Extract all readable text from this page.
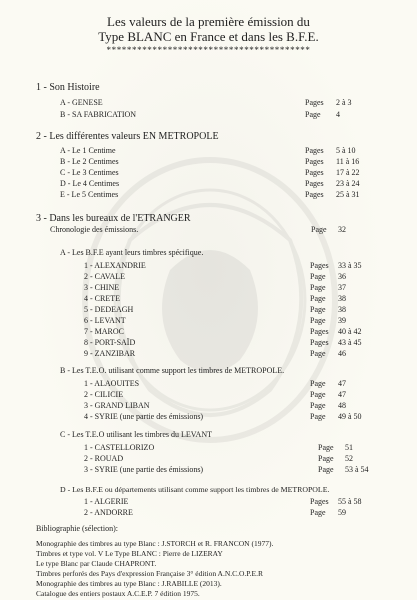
Les valeurs de la première émission du
Type BLANC en France et dans les B.F.E.
****************************************
1 - Son Histoire
A - GENESE	Pages 2 à 3
B - SA FABRICATION	Page 4
2 - Les différentes valeurs EN METROPOLE
A - Le 1 Centime	Pages 5 à 10
B - Le 2 Centimes	Pages 11 à 16
C - Le 3 Centimes	Pages 17 à 22
D - Le 4 Centimes	Pages 23 à 24
E - Le 5 Centimes	Pages 25 à 31
3 - Dans les bureaux de l'ETRANGER
Chronologie des émissions.	Page 32
A - Les B.F.E ayant leurs timbres spécifique.
1 - ALEXANDRIE	Pages 33 à 35
2 - CAVALE	Page 36
3 - CHINE	Page 37
4 - CRETE	Page 38
5 - DEDEAGH	Page 38
6 - LEVANT	Page 39
7 - MAROC	Pages 40 à 42
8 - PORT-SAÏD	Pages 43 à 45
9 - ZANZIBAR	Page 46
B - Les T.E.O. utilisant comme support les timbres de METROPOLE.
1 - ALAOUITES	Page 47
2 - CILICIE	Page 47
3 - GRAND LIBAN	Page 48
4 - SYRIE (une partie des émissions)	Page 49 à 50
C - Les T.E.O utilisant les timbres du LEVANT
1 - CASTELLORIZO	Page 51
2 - ROUAD	Page 52
3 - SYRIE (une partie des émissions)	Page 53 à 54
D - Les B.F.E ou départements utilisant comme support les timbres de METROPOLE.
1 - ALGERIE	Pages 55 à 58
2 - ANDORRE	Page 59
Bibliographie (sélection):
Monographie des timbres au type Blanc : J.STORCH et R. FRANCON (1977).
Timbres et type vol. V Le Type BLANC : Pierre de LIZERAY
Le type Blanc par Claude CHAPRONT.
Timbres perforés des Pays d'expression Française 3° édition A.N.C.O.P.E.R
Monographie des timbres au type Blanc : J.RABILLE (2013).
Catalogue des entiers postaux A.C.E.P. 7 édition 1975.
